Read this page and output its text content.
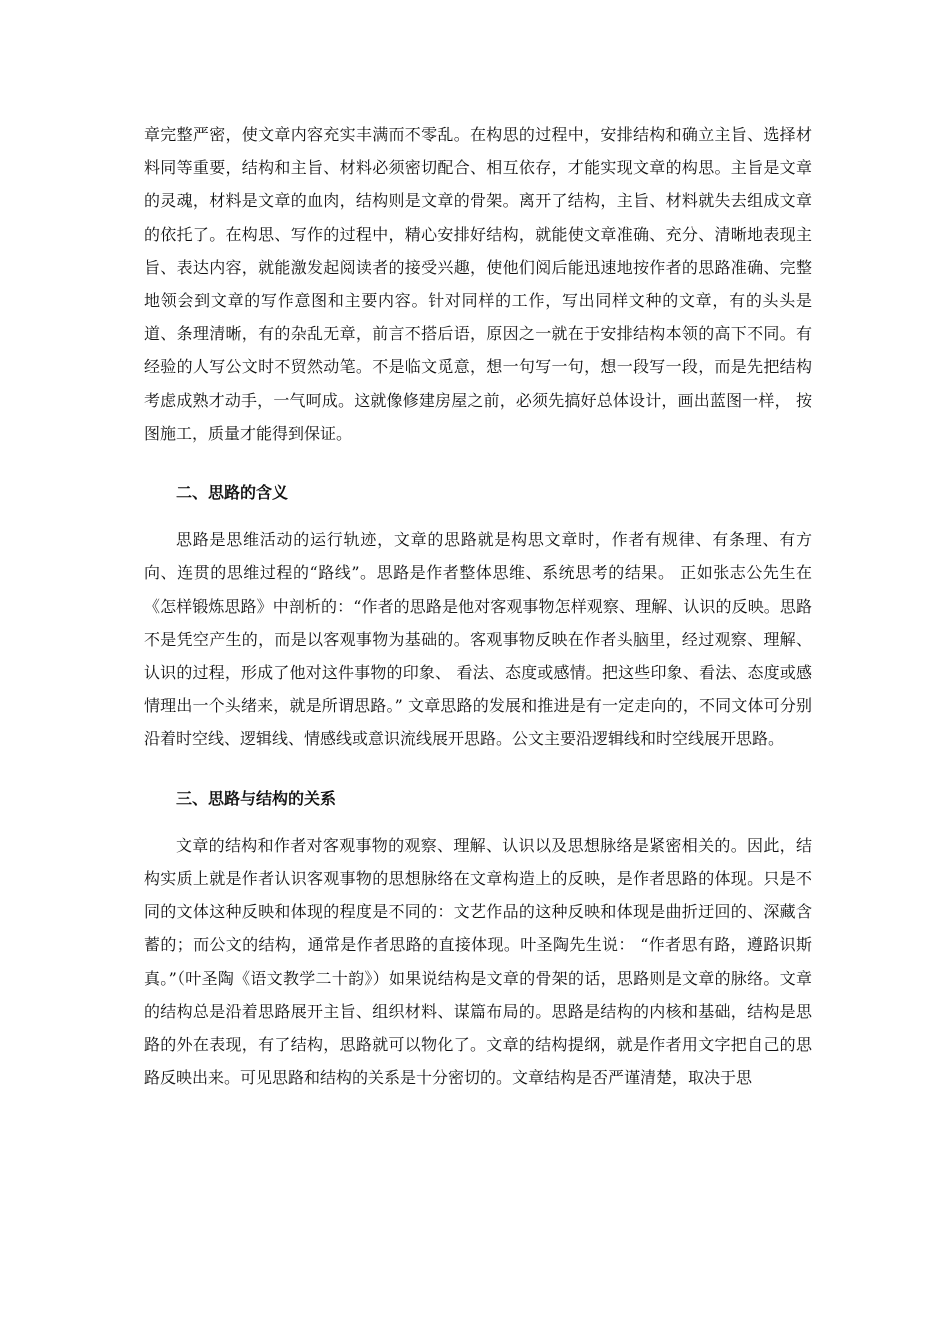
章完整严密，使文章内容充实丰满而不零乱。在构思的过程中，安排结构和确立主旨、选择材料同等重要，结构和主旨、材料必须密切配合、相互依存，才能实现文章的构思。主旨是文章的灵魂，材料是文章的血肉，结构则是文章的骨架。离开了结构，主旨、材料就失去组成文章的依托了。在构思、写作的过程中，精心安排好结构，就能使文章准确、充分、清晰地表现主旨、表达内容，就能激发起阅读者的接受兴趣，使他们阅后能迅速地按作者的思路准确、完整地领会到文章的写作意图和主要内容。针对同样的工作，写出同样文种的文章，有的头头是道、条理清晰，有的杂乱无章，前言不搭后语，原因之一就在于安排结构本领的高下不同。有经验的人写公文时不贸然动笔。不是临文觅意，想一句写一句，想一段写一段，而是先把结构考虑成熟才动手，一气呵成。这就像修建房屋之前，必须先搞好总体设计，画出蓝图一样， 按图施工，质量才能得到保证。

二、思路的含义

思路是思维活动的运行轨迹，文章的思路就是构思文章时，作者有规律、有条理、有方向、连贯的思维过程的“路线”。思路是作者整体思维、系统思考的结果。 正如张志公先生在《怎样锻炼思路》中剖析的：“作者的思路是他对客观事物怎样观察、理解、认识的反映。思路不是凭空产生的，而是以客观事物为基础的。客观事物反映在作者头脑里，经过观察、理解、认识的过程，形成了他对这件事物的印象、 看法、态度或感情。把这些印象、看法、态度或感情理出一个头绪来，就是所谓思路。” 文章思路的发展和推进是有一定走向的，不同文体可分别沿着时空线、逻辑线、情感线或意识流线展开思路。公文主要沿逻辑线和时空线展开思路。

三、思路与结构的关系

文章的结构和作者对客观事物的观察、理解、认识以及思想脉络是紧密相关的。因此，结构实质上就是作者认识客观事物的思想脉络在文章构造上的反映，是作者思路的体现。只是不同的文体这种反映和体现的程度是不同的：文艺作品的这种反映和体现是曲折迂回的、深藏含蓄的；而公文的结构，通常是作者思路的直接体现。叶圣陶先生说： “作者思有路，遵路识斯真。”（叶圣陶《语文教学二十韵》）如果说结构是文章的骨架的话，思路则是文章的脉络。文章的结构总是沿着思路展开主旨、组织材料、谋篇布局的。思路是结构的内核和基础，结构是思路的外在表现，有了结构，思路就可以物化了。文章的结构提纲，就是作者用文字把自己的思路反映出来。可见思路和结构的关系是十分密切的。文章结构是否严谨清楚，取决于思
